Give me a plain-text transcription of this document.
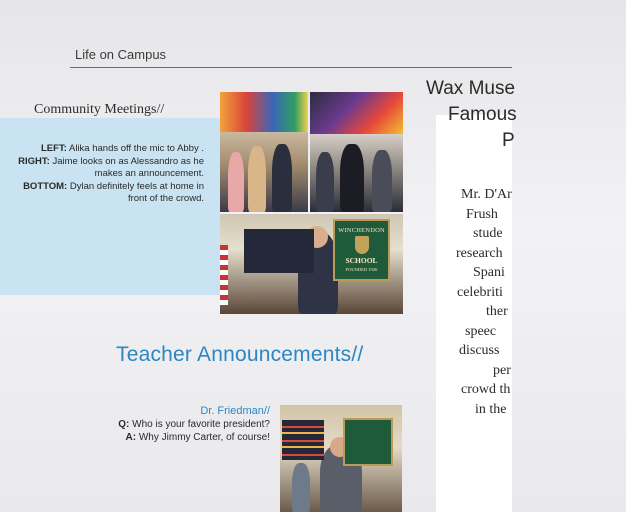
Life on Campus
Community Meetings//
LEFT: Alika hands off the mic to Abby .
RIGHT: Jaime looks on as Alessandro as he makes an announcement.
BOTTOM: Dylan definitely feels at home in front of the crowd.
WINCHENDON
SCHOOL
FOUNDED 1926
Wax Muse
Famous
P
Mr. D'Ar
Frush
stude
research
Spani
celebriti
ther
speec
discuss
per
crowd th
in the
Teacher Announcements//
Dr. Friedman//
Q: Who is your favorite president?
A: Why Jimmy Carter, of course!
